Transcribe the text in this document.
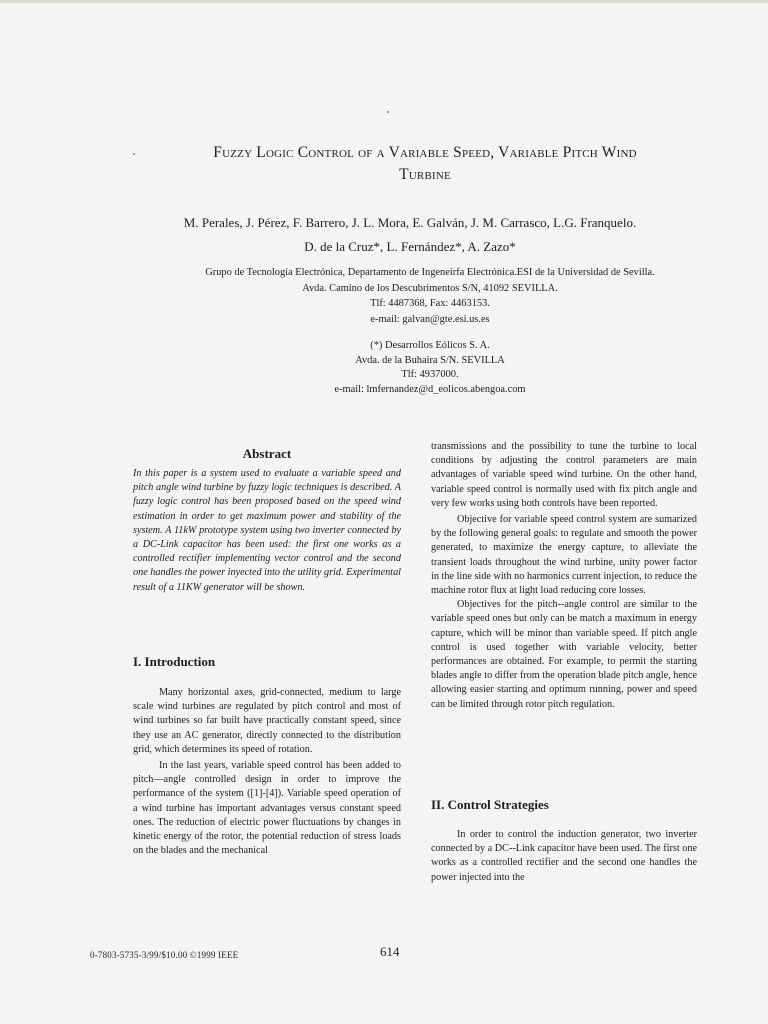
Fuzzy Logic Control of a Variable Speed, Variable Pitch Wind
Turbine
M. Perales, J. Pérez, F. Barrero, J. L. Mora, E. Galván, J. M. Carrasco, L.G. Franquelo.
D. de la Cruz*, L. Fernández*, A. Zazo*
Grupo de Tecnología Electrónica, Departamento de Ingeneirfa Electrónica.ESI de la Universidad de Sevilla.
Avda. Camino de los Descubrimentos S/N, 41092 SEVILLA.
Tlf: 4487368, Fax: 4463153.
e-mail: galvan@gte.esi.us.es
(*) Desarrollos Eólicos S. A.
Avda. de la Buhaira S/N. SEVILLA
Tlf: 4937000.
e-mail: lmfernandez@d_eolicos.abengoa.com
Abstract

In this paper is a system used to evaluate a variable speed and pitch angle wind turbine by fuzzy logic techniques is described. A fuzzy logic control has been proposed based on the speed wind estimation in order to get maximum power and stability of the system. A 11kW prototype system using two inverter connected by a DC-Link capacitor has been used: the first one works as a controlled rectifier implementing vector control and the second one handles the power inyected into the utility grid. Experimental result of a 11KW generator will be shown.

I. Introduction

Many horizontal axes, grid-connected, medium to large scale wind turbines are regulated by pitch control and most of wind turbines so far built have practically constant speed, since they use an AC generator, directly connected to the distribution grid, which determines its speed of rotation.

In the last years, variable speed control has been added to pitch—angle controlled design in order to improve the performance of the system ([1]-[4]). Variable speed operation of a wind turbine has important advantages versus constant speed ones. The reduction of electric power fluctuations by changes in kinetic energy of the rotor, the potential reduction of stress loads on the blades and the mechanical

transmissions and the possibility to tune the turbine to local conditions by adjusting the control parameters are main advantages of variable speed wind turbine. On the other hand, variable speed control is normally used with fix pitch angle and very few works using both controls have been reported.

Objective for variable speed control system are sumarized by the following general goals: to regulate and smooth the power generated, to maximize the energy capture, to alleviate the transient loads throughout the wind turbine, unity power factor in the line side with no harmonics current injection, to reduce the machine rotor flux at light load reducing core losses.

Objectives for the pitch--angle control are similar to the variable speed ones but only can be match a maximum in energy capture, which will be minor than variable speed. If pitch angle control is used together with variable velocity, better performances are obtained. For example, to permit the starting blades angle to differ from the operation blade pitch angle, hence allowing easier starting and optimum running, power and speed can be limited through rotor pitch regulation.

II. Control Strategies

In order to control the induction generator, two inverter connected by a DC--Link capacitor have been used. The first one works as a controlled rectifier and the second one handles the power injected into the

0-7803-5735-3/99/$10.00 ©1999 IEEE	614
